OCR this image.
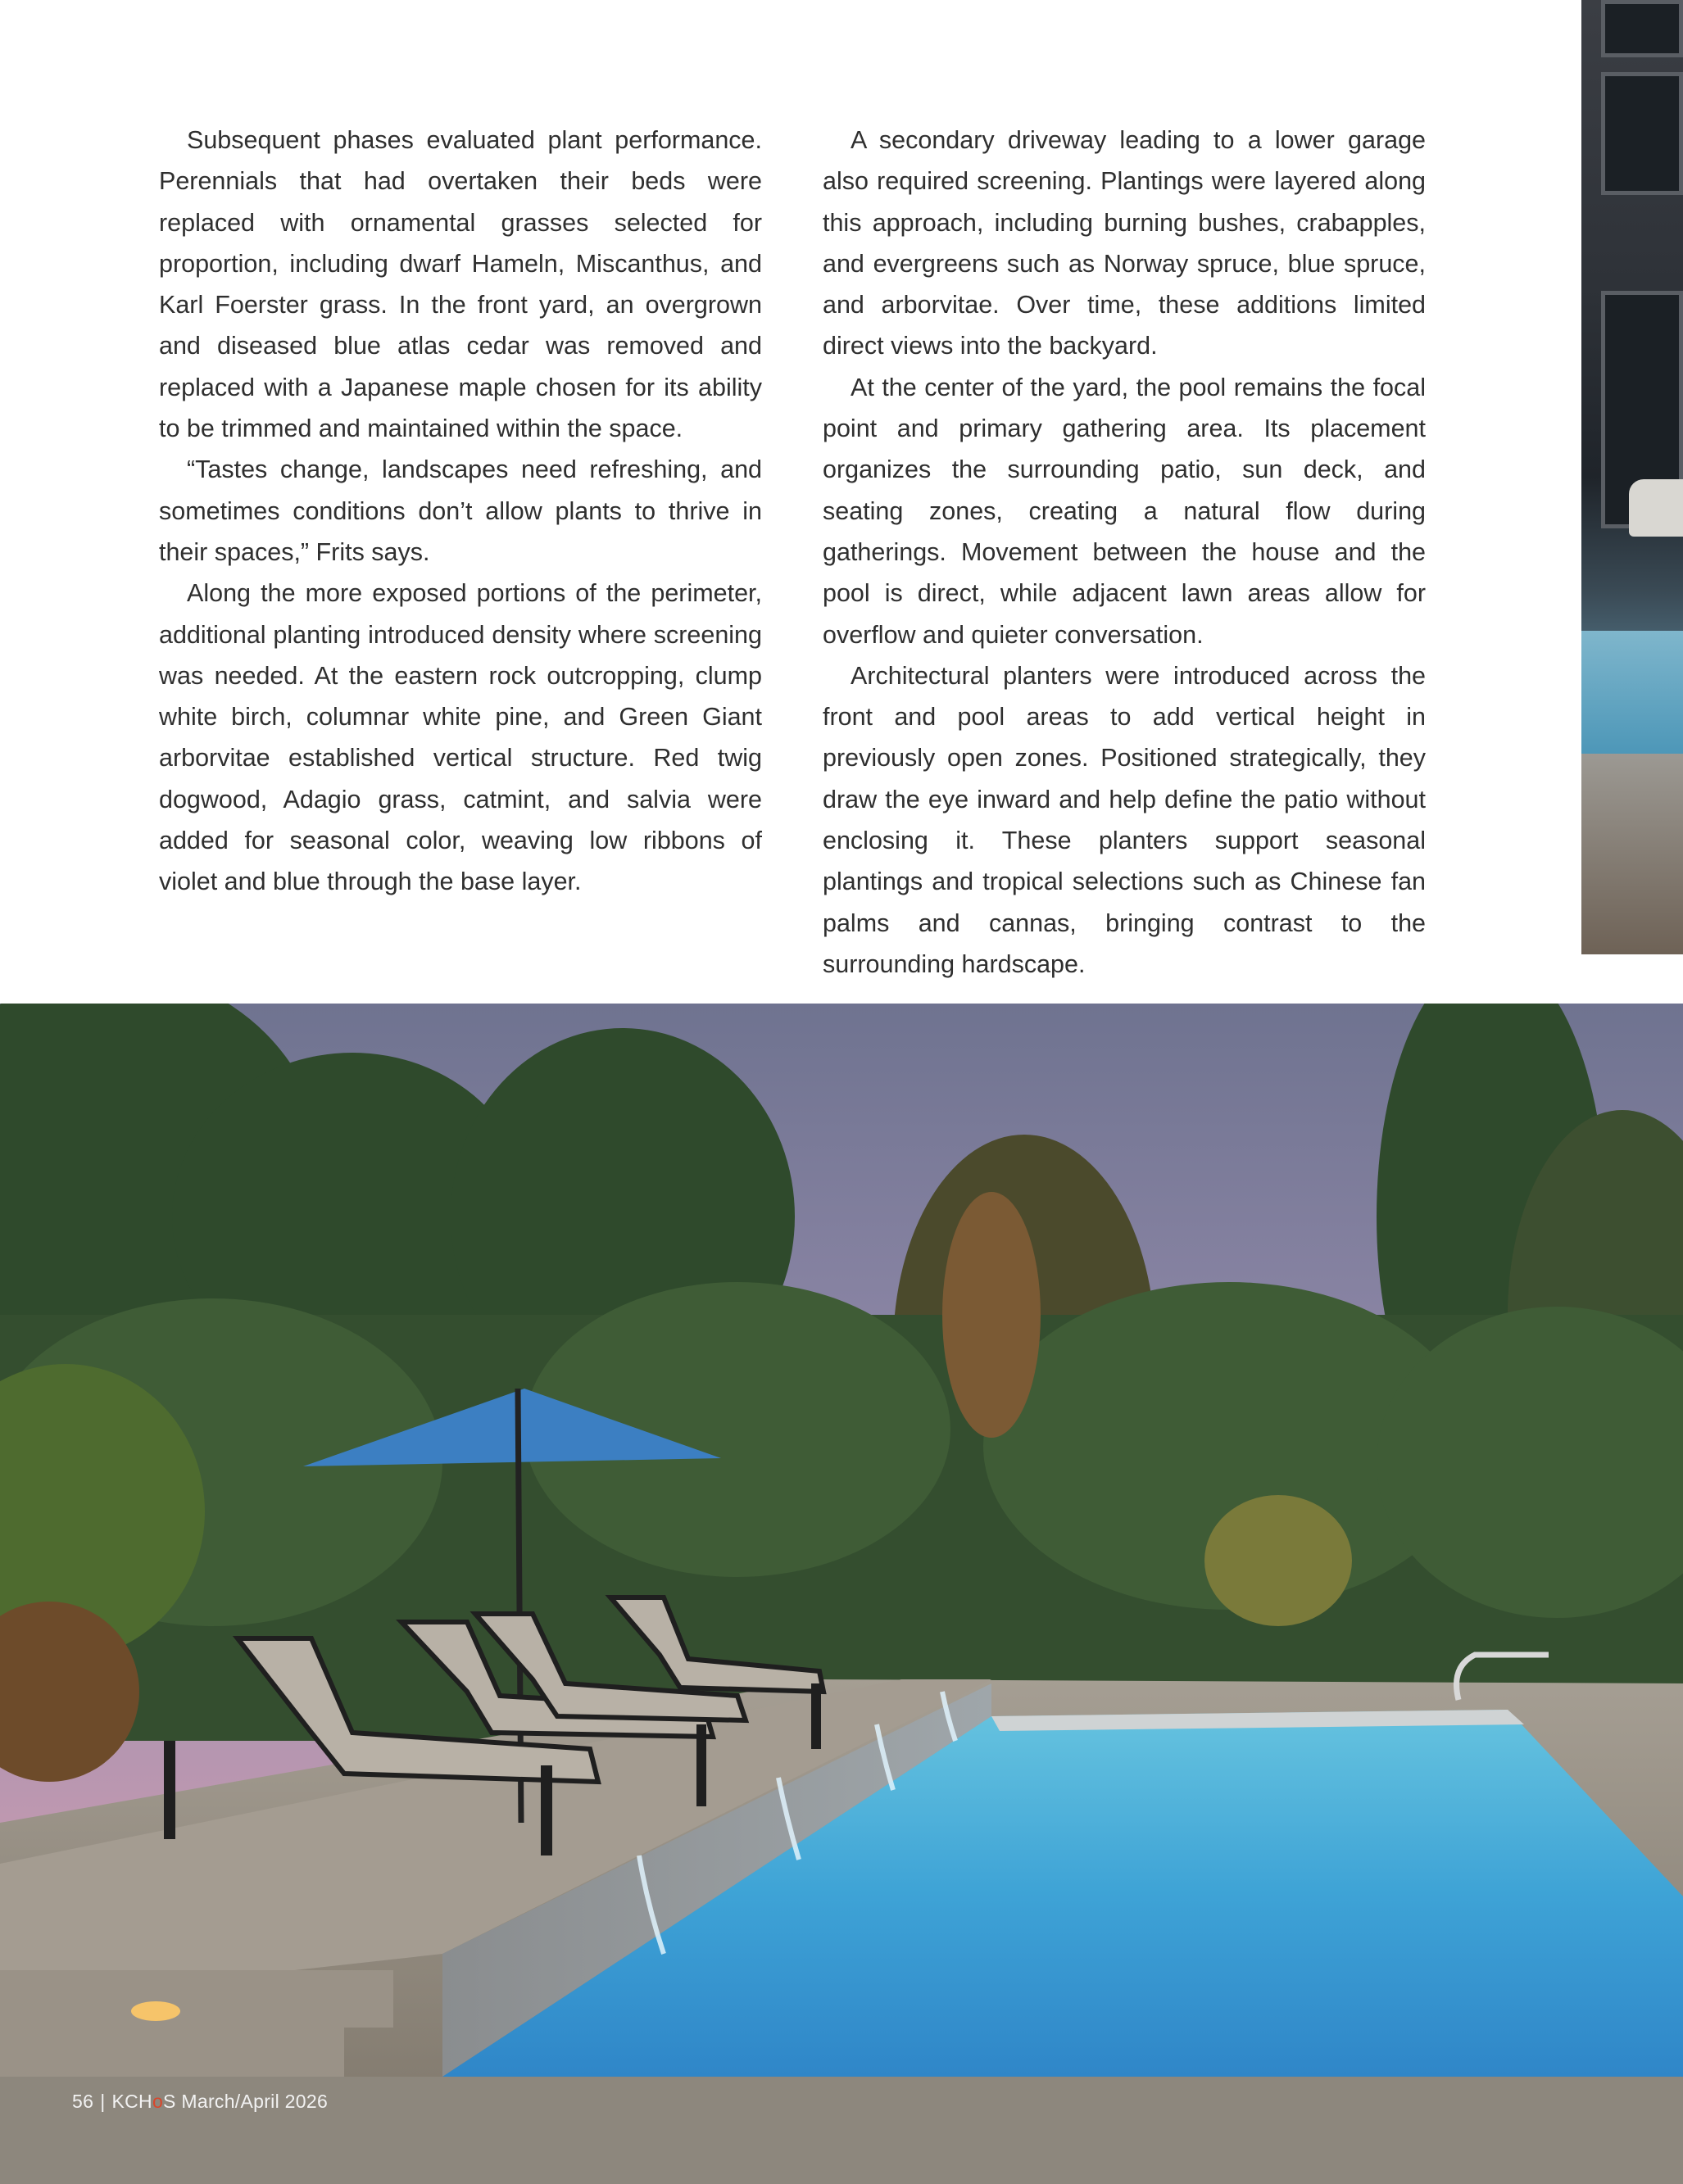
Subsequent phases evaluated plant performance. Perennials that had overtaken their beds were replaced with ornamental grasses selected for proportion, including dwarf Hameln, Miscanthus, and Karl Foerster grass. In the front yard, an overgrown and diseased blue atlas cedar was removed and replaced with a Japanese maple chosen for its ability to be trimmed and maintained within the space.

“Tastes change, landscapes need refreshing, and sometimes conditions don’t allow plants to thrive in their spaces,” Frits says.

Along the more exposed portions of the perimeter, additional planting introduced density where screening was needed. At the eastern rock outcropping, clump white birch, columnar white pine, and Green Giant arborvitae established vertical structure. Red twig dogwood, Adagio grass, catmint, and salvia were added for seasonal color, weaving low ribbons of violet and blue through the base layer.

A secondary driveway leading to a lower garage also required screening. Plantings were layered along this approach, including burning bushes, crabapples, and evergreens such as Norway spruce, blue spruce, and arborvitae. Over time, these additions limited direct views into the backyard.

At the center of the yard, the pool remains the focal point and primary gathering area. Its placement organizes the surrounding patio, sun deck, and seating zones, creating a natural flow during gatherings. Movement between the house and the pool is direct, while adjacent lawn areas allow for overflow and quieter conversation.

Architectural planters were introduced across the front and pool areas to add vertical height in previously open zones. Positioned strategically, they draw the eye inward and help define the patio without enclosing it. These planters support seasonal plantings and tropical selections such as Chinese fan palms and cannas, bringing contrast to the surrounding hardscape.

56 | KCHoS March/April 2026
